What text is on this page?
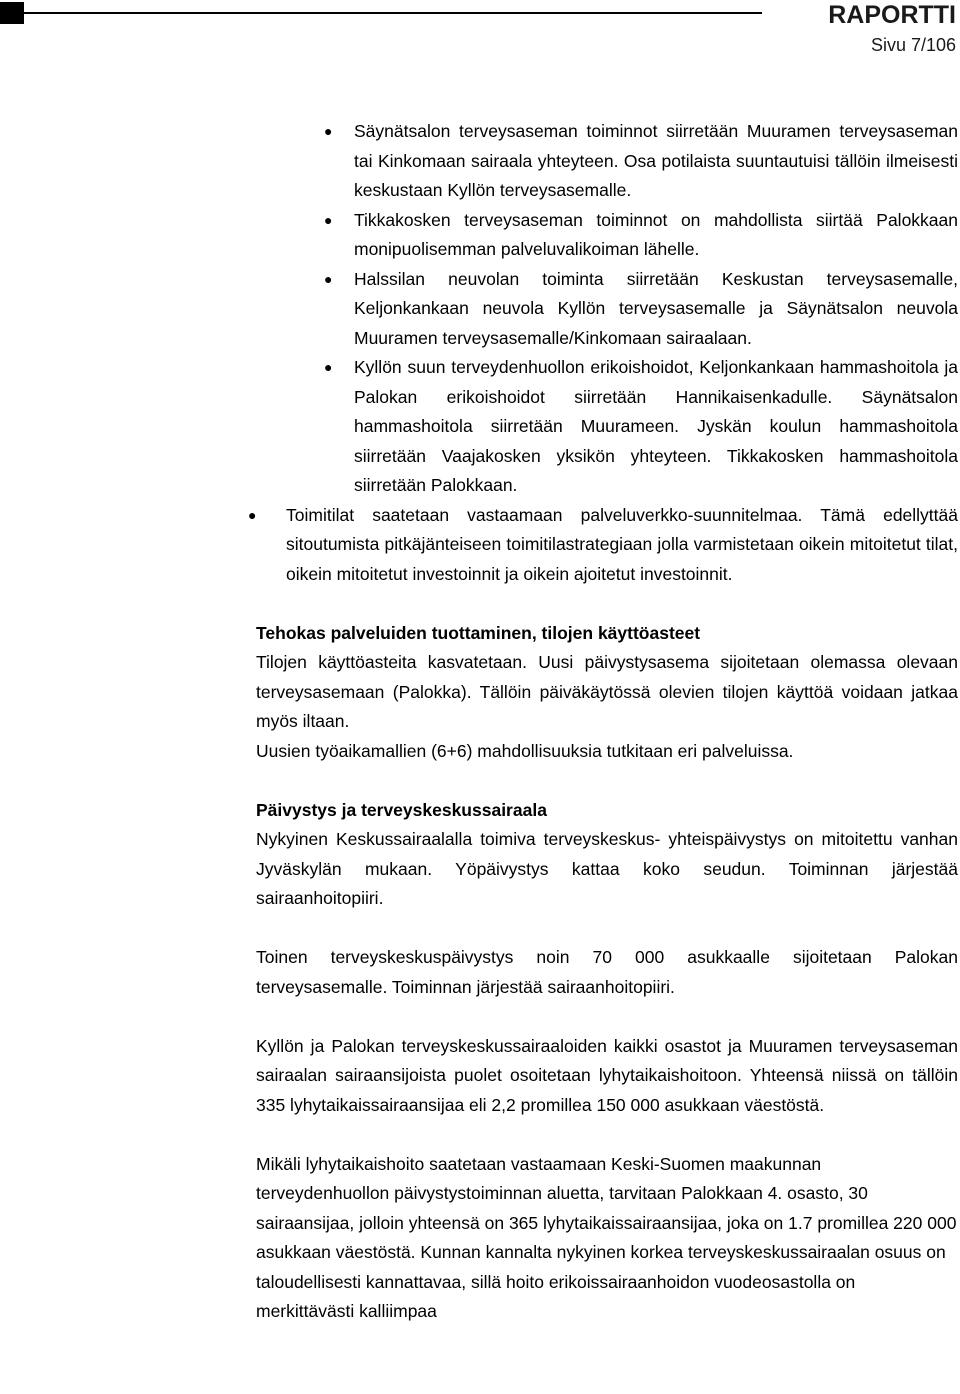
RAPORTTI
Sivu 7/106
● Säynätsalon terveysaseman toiminnot siirretään Muuramen terveysaseman tai Kinkomaan sairaala yhteyteen. Osa potilaista suuntautuisi tällöin ilmeisesti keskustaan Kyllön terveysasemalle.

● Tikkakosken terveysaseman toiminnot on mahdollista siirtää Palokkaan monipuolisemman palveluvalikoiman lähelle.

● Halssilan neuvolan toiminta siirretään Keskustan terveysasemalle, Keljonkankaan neuvola Kyllön terveysasemalle ja Säynätsalon neuvola Muuramen terveysasemalle/Kinkomaan sairaalaan.

● Kyllön suun terveydenhuollon erikoishoidot, Keljonkankaan hammashoitola ja Palokan erikoishoidot siirretään Hannikaisenkadulle. Säynätsalon hammashoitola siirretään Muurameen. Jyskän koulun hammashoitola siirretään Vaajakosken yksikön yhteyteen. Tikkakosken hammashoitola siirretään Palokkaan.

● Toimitilat saatetaan vastaamaan palveluverkko-suunnitelmaa. Tämä edellyttää sitoutumista pitkäjänteiseen toimitilastrategiaan jolla varmistetaan oikein mitoitetut tilat, oikein mitoitetut investoinnit ja oikein ajoitetut investoinnit.

Tehokas palveluiden tuottaminen, tilojen käyttöasteet

Tilojen käyttöasteita kasvatetaan. Uusi päivystysasema sijoitetaan olemassa olevaan terveysasemaan (Palokka). Tällöin päiväkäytössä olevien tilojen käyttöä voidaan jatkaa myös iltaan.

Uusien työaikamallien (6+6) mahdollisuuksia tutkitaan eri palveluissa.

Päivystys ja terveyskeskussairaala

Nykyinen Keskussairaalalla toimiva terveyskeskus- yhteispäivystys on mitoitettu vanhan Jyväskylän mukaan. Yöpäivystys kattaa koko seudun. Toiminnan järjestää sairaanhoitopiiri.

Toinen terveyskeskuspäivystys noin 70 000 asukkaalle sijoitetaan Palokan terveysasemalle. Toiminnan järjestää sairaanhoitopiiri.

Kyllön ja Palokan terveyskeskussairaaloiden kaikki osastot ja Muuramen terveysaseman sairaalan sairaansijoista puolet osoitetaan lyhytaikaishoitoon. Yhteensä niissä on tällöin 335 lyhytaikaissairaansijaa eli 2,2 promillea 150 000 asukkaan väestöstä.

Mikäli lyhytaikaishoito saatetaan vastaamaan Keski-Suomen maakunnan terveydenhuollon päivystystoiminnan aluetta, tarvitaan Palokkaan 4. osasto, 30 sairaansijaa, jolloin yhteensä on 365 lyhytaikaissairaansijaa, joka on 1.7 promillea 220 000 asukkaan väestöstä. Kunnan kannalta nykyinen korkea terveyskeskussairaalan osuus on taloudellisesti kannattavaa, sillä hoito erikoissairaanhoidon vuodeosastolla on merkittävästi kalliimpaa
